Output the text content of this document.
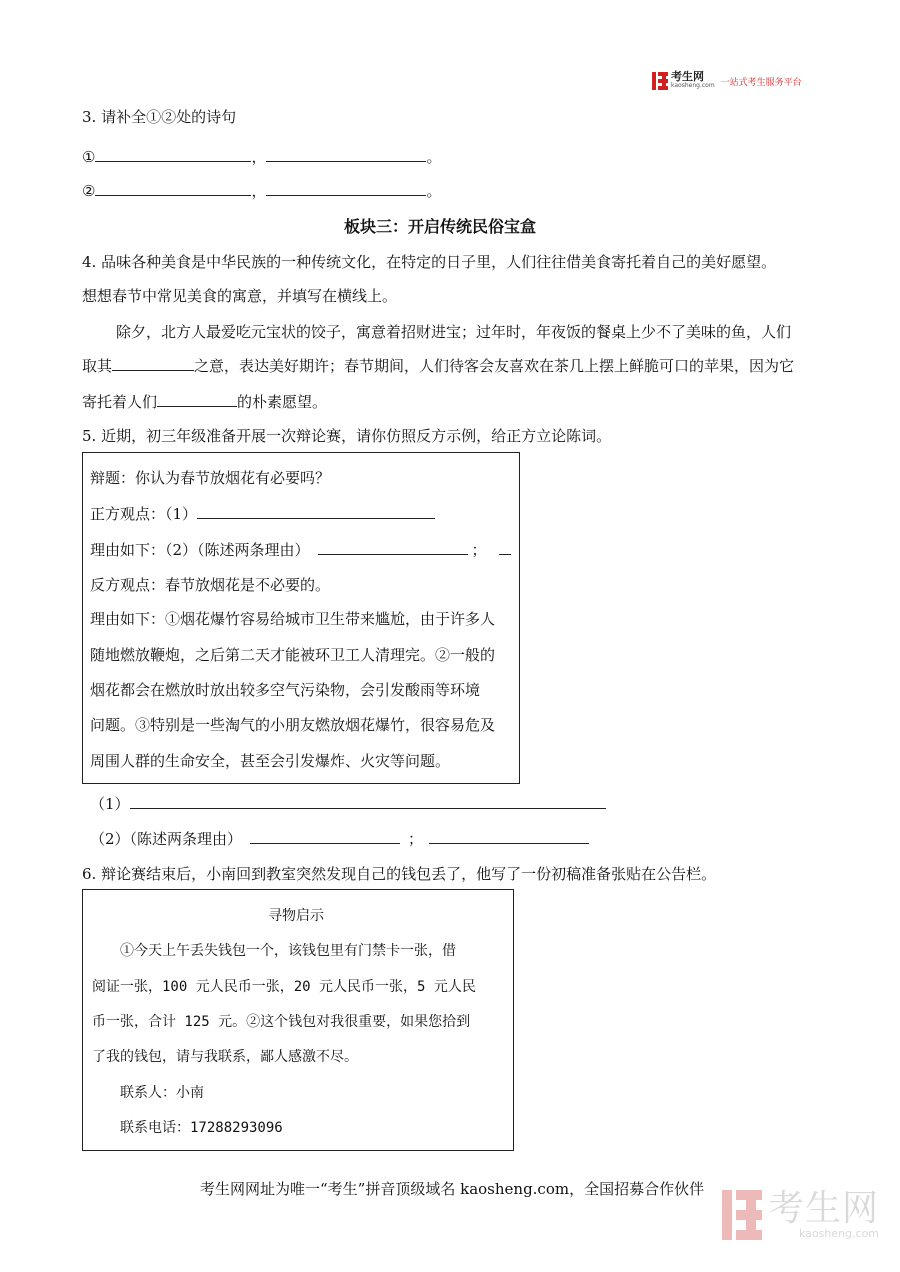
考生网
kaosheng.com 一站式考生服务平台
3. 请补全①②处的诗句
①	，	。
②	，	。
板块三：开启传统民俗宝盒
4. 品味各种美食是中华民族的一种传统文化，在特定的日子里，人们往往借美食寄托着自己的美好愿望。
想想春节中常见美食的寓意，并填写在横线上。
除夕，北方人最爱吃元宝状的饺子，寓意着招财进宝；过年时，年夜饭的餐桌上少不了美味的鱼，人们
取其	之意，表达美好期许；春节期间，人们待客会友喜欢在茶几上摆上鲜脆可口的苹果，因为它
寄托着人们	的朴素愿望。
5. 近期，初三年级准备开展一次辩论赛，请你仿照反方示例，给正方立论陈词。
辩题：你认为春节放烟花有必要吗？
正方观点：（1）
理由如下：（2）（陈述两条理由）	；
反方观点：春节放烟花是不必要的。
理由如下：①烟花爆竹容易给城市卫生带来尴尬，由于许多人
随地燃放鞭炮，之后第二天才能被环卫工人清理完。②一般的
烟花都会在燃放时放出较多空气污染物，会引发酸雨等环境
问题。③特别是一些淘气的小朋友燃放烟花爆竹，很容易危及
周围人群的生命安全，甚至会引发爆炸、火灾等问题。
（1）
（2）（陈述两条理由）	；
6. 辩论赛结束后，小南回到教室突然发现自己的钱包丢了，他写了一份初稿准备张贴在公告栏。
寻物启示
①今天上午丢失钱包一个，该钱包里有门禁卡一张，借
阅证一张，100 元人民币一张，20 元人民币一张，5 元人民
币一张，合计 125 元。②这个钱包对我很重要，如果您拾到
了我的钱包，请与我联系，鄙人感激不尽。
联系人：小南
联系电话：17288293096
考生网网址为唯一“考生”拼音顶级域名 kaosheng.com，全国招募合作伙伴 考生网
kaosheng.com
